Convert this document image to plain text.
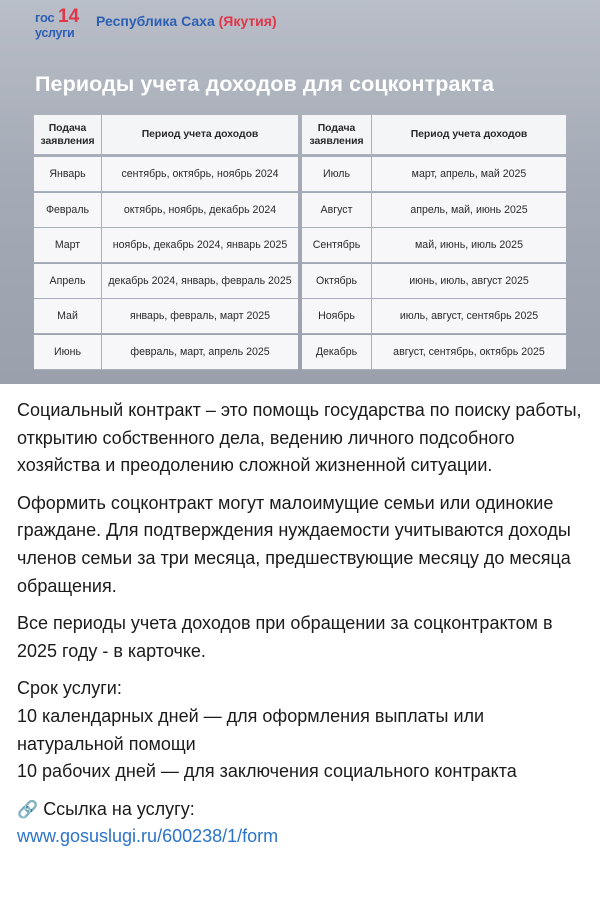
гос 14
услуги
Республика Саха (Якутия)
Периоды учета доходов для соцконтракта
Подача заявления
Период учета доходов
Январь	сентябрь, октябрь, ноябрь 2024
Февраль	октябрь, ноябрь, декабрь 2024
Март	ноябрь, декабрь 2024, январь 2025
Апрель	декабрь 2024, январь, февраль 2025
Май	январь, февраль, март 2025
Июнь	февраль, март, апрель 2025
Подача заявления
Период учета доходов
Июль	март, апрель, май 2025
Август	апрель, май, июнь 2025
Сентябрь	май, июнь, июль 2025
Октябрь	июнь, июль, август 2025
Ноябрь	июль, август, сентябрь 2025
Декабрь	август, сентябрь, октябрь 2025

Социальный контракт – это помощь государства по поиску работы, открытию собственного дела, ведению личного подсобного хозяйства и преодолению сложной жизненной ситуации.

Оформить соцконтракт могут малоимущие семьи или одинокие граждане. Для подтверждения нуждаемости учитываются доходы членов семьи за три месяца, предшествующие месяцу до месяца обращения.

Все периоды учета доходов при обращении за соцконтрактом в 2025 году - в карточке.

Срок услуги:

10 календарных дней — для оформления выплаты или натуральной помощи

10 рабочих дней — для заключения социального контракта

🔗 Ссылка на услугу:

www.gosuslugi.ru/600238/1/form
